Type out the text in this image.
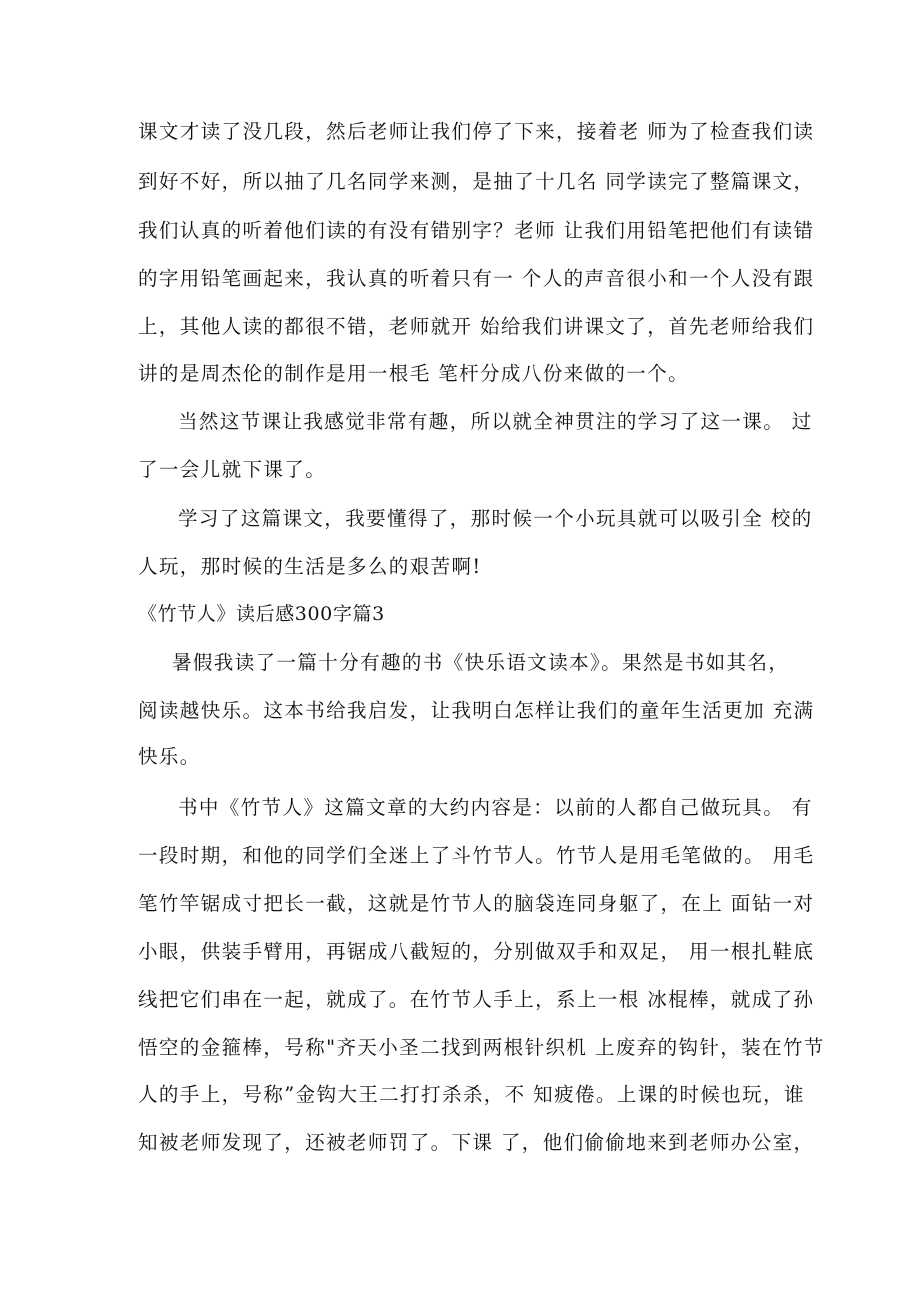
课文才读了没几段，然后老师让我们停了下来，接着老 师为了检查我们读
到好不好，所以抽了几名同学来测，是抽了十几名 同学读完了整篇课文，
我们认真的听着他们读的有没有错别字？老师 让我们用铅笔把他们有读错
的字用铅笔画起来，我认真的听着只有一 个人的声音很小和一个人没有跟
上，其他人读的都很不错，老师就开 始给我们讲课文了，首先老师给我们
讲的是周杰伦的制作是用一根毛 笔杆分成八份来做的一个。
当然这节课让我感觉非常有趣，所以就全神贯注的学习了这一课。 过
了一会儿就下课了。
学习了这篇课文，我要懂得了，那时候一个小玩具就可以吸引全 校的
人玩，那时候的生活是多么的艰苦啊!
《竹节人》读后感300字篇3
暑假我读了一篇十分有趣的书《快乐语文读本》。果然是书如其名，
阅读越快乐。这本书给我启发，让我明白怎样让我们的童年生活更加 充满
快乐。
书中《竹节人》这篇文章的大约内容是：以前的人都自己做玩具。 有
一段时期，和他的同学们全迷上了斗竹节人。竹节人是用毛笔做的。 用毛
笔竹竿锯成寸把长一截，这就是竹节人的脑袋连同身躯了，在上 面钻一对
小眼，供装手臂用，再锯成八截短的，分别做双手和双足， 用一根扎鞋底
线把它们串在一起，就成了。在竹节人手上，系上一根 冰棍棒，就成了孙
悟空的金箍棒，号称"齐天小圣二找到两根针织机 上废弃的钩针，装在竹节
人的手上，号称”金钩大王二打打杀杀，不 知疲倦。上课的时候也玩，谁
知被老师发现了，还被老师罚了。下课 了，他们偷偷地来到老师办公室，
